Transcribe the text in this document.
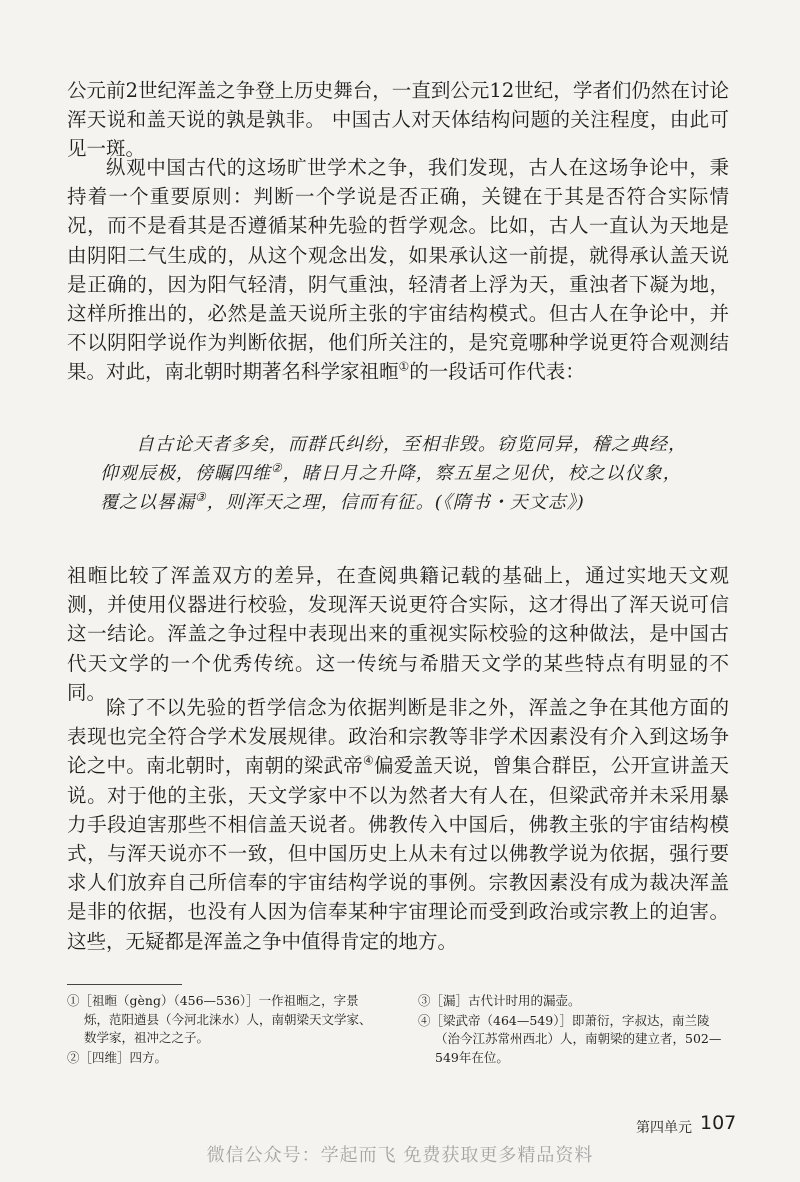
公元前2世纪浑盖之争登上历史舞台，一直到公元12世纪，学者们仍然在讨论浑天说和盖天说的孰是孰非。 中国古人对天体结构问题的关注程度，由此可见一斑。

纵观中国古代的这场旷世学术之争，我们发现，古人在这场争论中，秉持着一个重要原则：判断一个学说是否正确，关键在于其是否符合实际情况，而不是看其是否遵循某种先验的哲学观念。比如，古人一直认为天地是由阴阳二气生成的，从这个观念出发，如果承认这一前提，就得承认盖天说是正确的，因为阳气轻清，阴气重浊，轻清者上浮为天，重浊者下凝为地，这样所推出的，必然是盖天说所主张的宇宙结构模式。但古人在争论中，并不以阴阳学说作为判断依据，他们所关注的，是究竟哪种学说更符合观测结果。对此，南北朝时期著名科学家祖暅①的一段话可作代表：

自古论天者多矣，而群氏纠纷，至相非毁。窃览同异，稽之典经，仰观辰极，傍瞩四维②，睹日月之升降，察五星之见伏，校之以仪象，覆之以晷漏③，则浑天之理，信而有征。(《隋书・天文志》)

祖暅比较了浑盖双方的差异，在查阅典籍记载的基础上，通过实地天文观测，并使用仪器进行校验，发现浑天说更符合实际，这才得出了浑天说可信这一结论。浑盖之争过程中表现出来的重视实际校验的这种做法，是中国古代天文学的一个优秀传统。这一传统与希腊天文学的某些特点有明显的不同。

除了不以先验的哲学信念为依据判断是非之外，浑盖之争在其他方面的表现也完全符合学术发展规律。政治和宗教等非学术因素没有介入到这场争论之中。南北朝时，南朝的梁武帝④偏爱盖天说，曾集合群臣，公开宣讲盖天说。对于他的主张，天文学家中不以为然者大有人在，但梁武帝并未采用暴力手段迫害那些不相信盖天说者。佛教传入中国后，佛教主张的宇宙结构模式，与浑天说亦不一致，但中国历史上从未有过以佛教学说为依据，强行要求人们放弃自己所信奉的宇宙结构学说的事例。宗教因素没有成为裁决浑盖是非的依据，也没有人因为信奉某种宇宙理论而受到政治或宗教上的迫害。这些，无疑都是浑盖之争中值得肯定的地方。

①［祖暅（gèng）（456—536）］一作祖暅之，字景烁，范阳遒县（今河北涞水）人，南朝梁天文学家、数学家，祖冲之之子。

②［四维］四方。

③［漏］古代计时用的漏壶。

④［梁武帝（464—549）］即萧衍，字叔达，南兰陵（治今江苏常州西北）人，南朝梁的建立者，502—549年在位。

第四单元 107
微信公众号：学起而飞 免费获取更多精品资料
